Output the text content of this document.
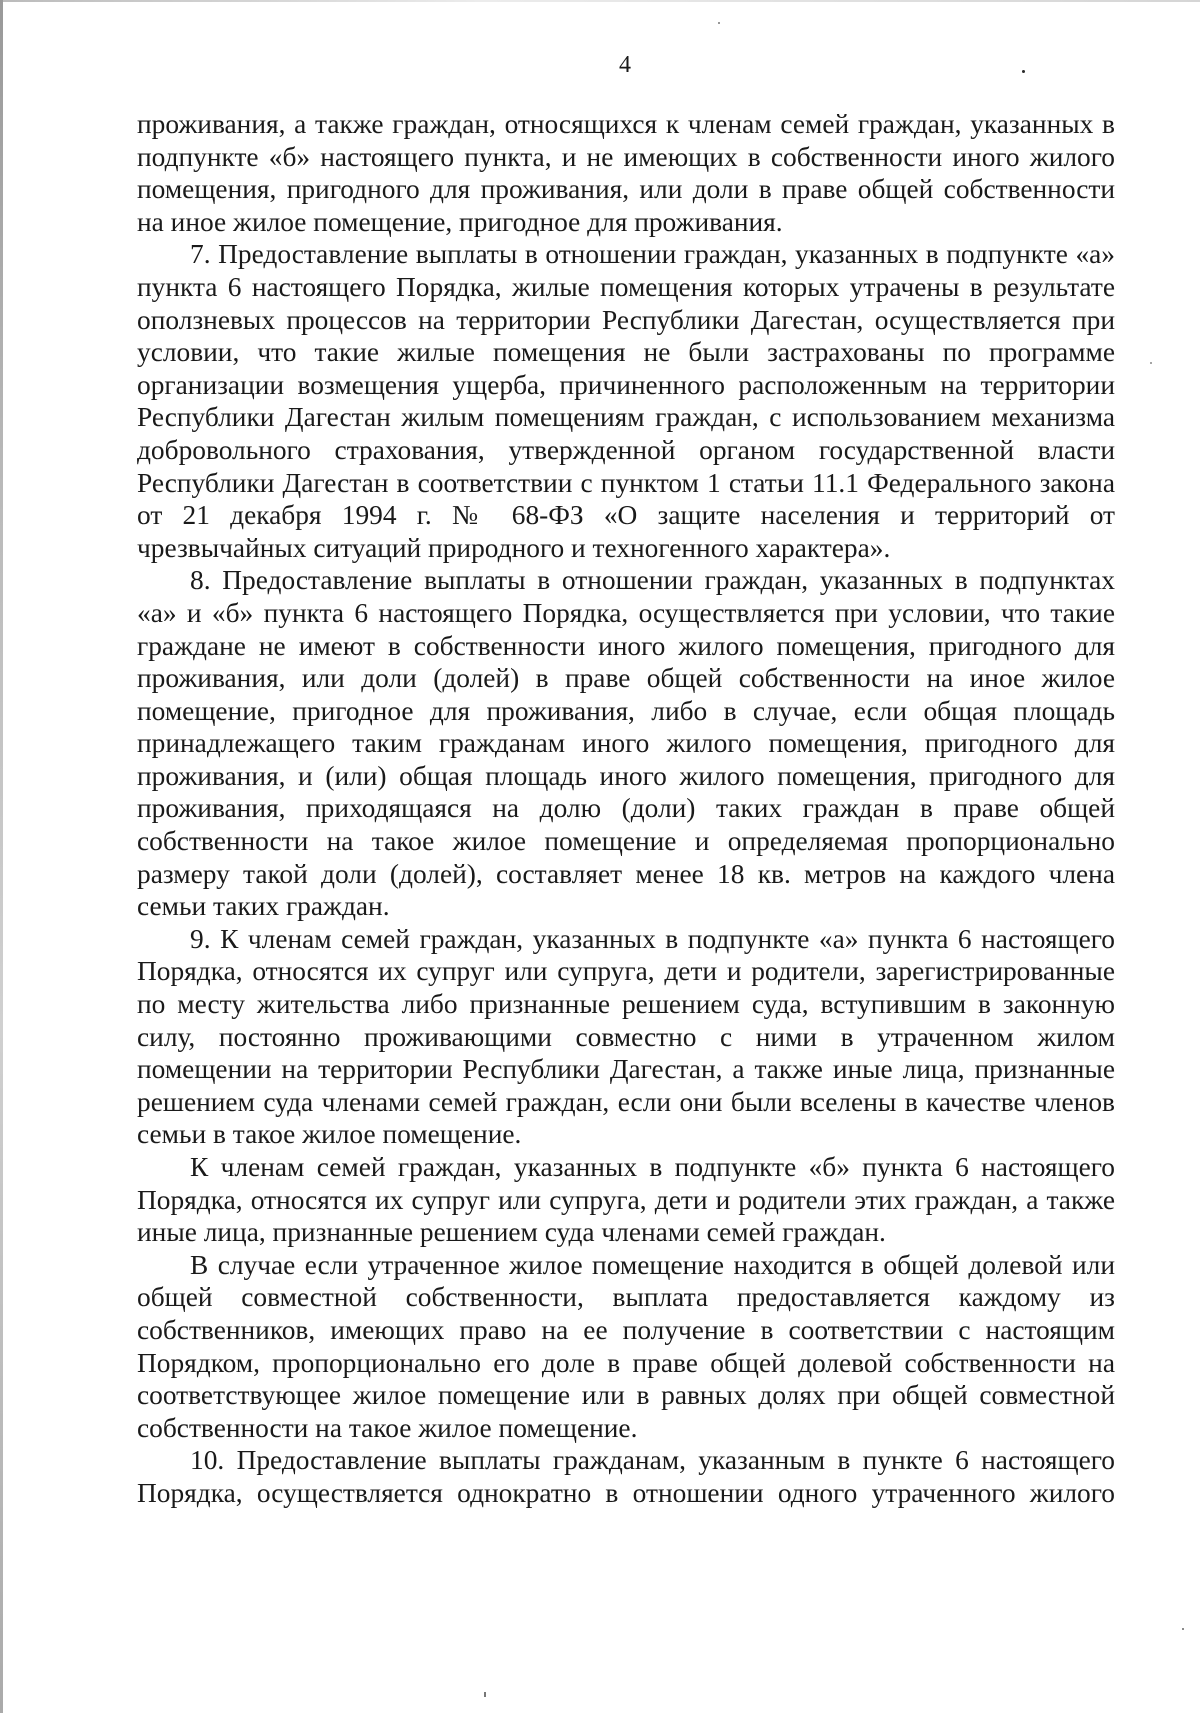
4

проживания, а также граждан, относящихся к членам семей граждан, указанных в подпункте «б» настоящего пункта, и не имеющих в собственности иного жилого помещения, пригодного для проживания, или доли в праве общей собственности на иное жилое помещение, пригодное для проживания.

7. Предоставление выплаты в отношении граждан, указанных в подпункте «а» пункта 6 настоящего Порядка, жилые помещения которых утрачены в результате оползневых процессов на территории Республики Дагестан, осуществляется при условии, что такие жилые помещения не были застрахованы по программе организации возмещения ущерба, причиненного расположенным на территории Республики Дагестан жилым помещениям граждан, с использованием механизма добровольного страхования, утвержденной органом государственной власти Республики Дагестан в соответствии с пунктом 1 статьи 11.1 Федерального закона от 21 декабря 1994 г. № 68-ФЗ «О защите населения и территорий от чрезвычайных ситуаций природного и техногенного характера».

8. Предоставление выплаты в отношении граждан, указанных в подпунктах «а» и «б» пункта 6 настоящего Порядка, осуществляется при условии, что такие граждане не имеют в собственности иного жилого помещения, пригодного для проживания, или доли (долей) в праве общей собственности на иное жилое помещение, пригодное для проживания, либо в случае, если общая площадь принадлежащего таким гражданам иного жилого помещения, пригодного для проживания, и (или) общая площадь иного жилого помещения, пригодного для проживания, приходящаяся на долю (доли) таких граждан в праве общей собственности на такое жилое помещение и определяемая пропорционально размеру такой доли (долей), составляет менее 18 кв. метров на каждого члена семьи таких граждан.

9. К членам семей граждан, указанных в подпункте «а» пункта 6 настоящего Порядка, относятся их супруг или супруга, дети и родители, зарегистрированные по месту жительства либо признанные решением суда, вступившим в законную силу, постоянно проживающими совместно с ними в утраченном жилом помещении на территории Республики Дагестан, а также иные лица, признанные решением суда членами семей граждан, если они были вселены в качестве членов семьи в такое жилое помещение.

К членам семей граждан, указанных в подпункте «б» пункта 6 настоящего Порядка, относятся их супруг или супруга, дети и родители этих граждан, а также иные лица, признанные решением суда членами семей граждан.

В случае если утраченное жилое помещение находится в общей долевой или общей совместной собственности, выплата предоставляется каждому из собственников, имеющих право на ее получение в соответствии с настоящим Порядком, пропорционально его доле в праве общей долевой собственности на соответствующее жилое помещение или в равных долях при общей совместной собственности на такое жилое помещение.

10. Предоставление выплаты гражданам, указанным в пункте 6 настоящего Порядка, осуществляется однократно в отношении одного утраченного жилого
